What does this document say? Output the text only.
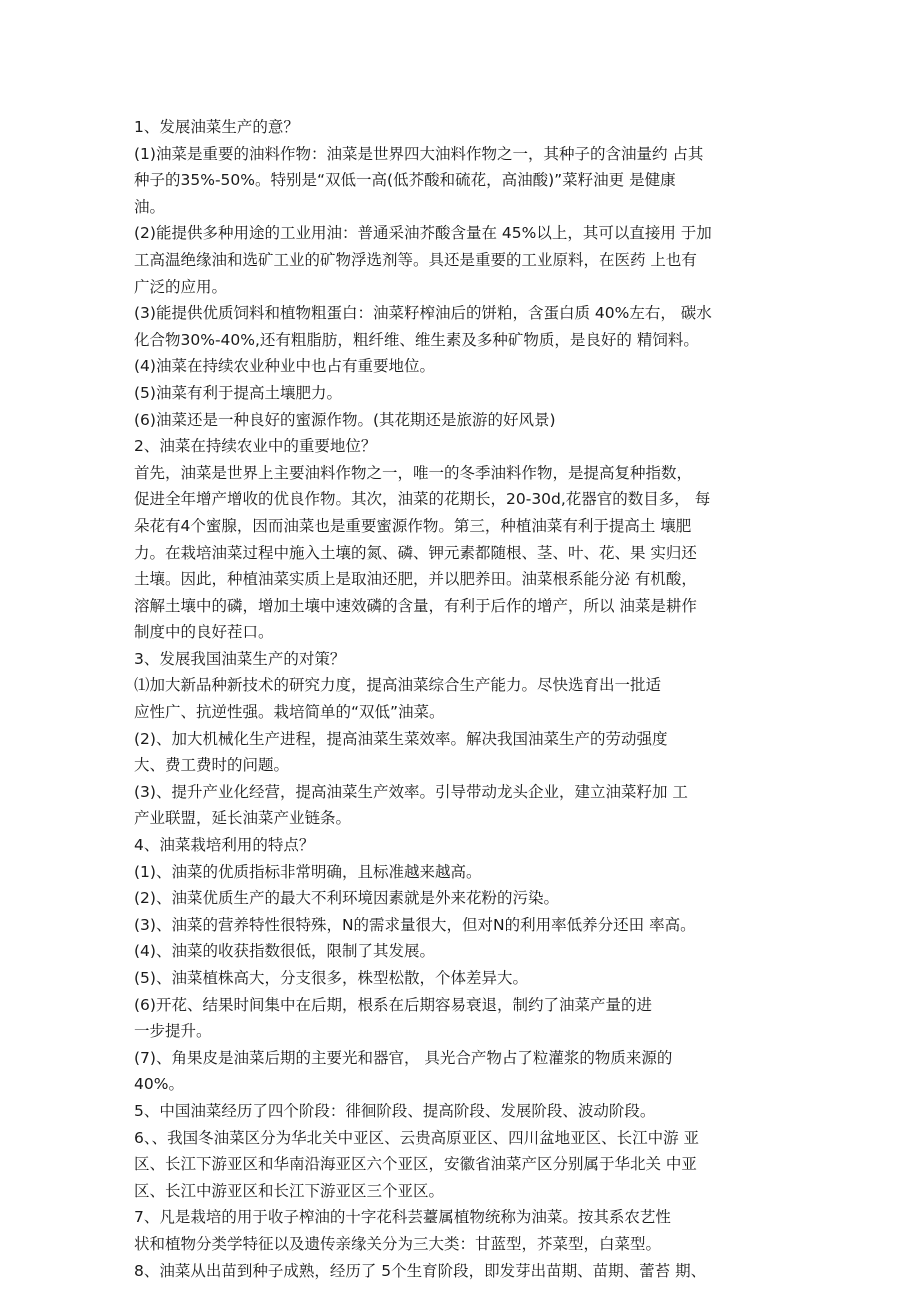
1、发展油菜生产的意？
(1)油菜是重要的油料作物：油菜是世界四大油料作物之一，其种子的含油量约 占其
种子的35%-50%。特别是“双低一高(低芥酸和硫花，高油酸)”菜籽油更 是健康
油。
(2)能提供多种用途的工业用油：普通采油芥酸含量在 45%以上，其可以直接用 于加
工高温绝缘油和选矿工业的矿物浮选剂等。具还是重要的工业原料，在医药 上也有
广泛的应用。
(3)能提供优质饲料和植物粗蛋白：油菜籽榨油后的饼粕，含蛋白质 40%左右， 碳水
化合物30%-40%,还有粗脂肪，粗纤维、维生素及多种矿物质，是良好的 精饲料。
(4)油菜在持续农业种业中也占有重要地位。
(5)油菜有利于提高土壤肥力。
(6)油菜还是一种良好的蜜源作物。(其花期还是旅游的好风景)
2、油菜在持续农业中的重要地位？
首先，油菜是世界上主要油料作物之一，唯一的冬季油料作物，是提高复种指数，
促进全年增产增收的优良作物。其次，油菜的花期长，20-30d,花器官的数目多， 每
朵花有4个蜜腺，因而油菜也是重要蜜源作物。第三，种植油菜有利于提高土 壤肥
力。在栽培油菜过程中施入土壤的氮、磷、钾元素都随根、茎、叶、花、果 实归还
土壤。因此，种植油菜实质上是取油还肥，并以肥养田。油菜根系能分泌 有机酸，
溶解土壤中的磷，增加土壤中速效磷的含量，有利于后作的增产，所以 油菜是耕作
制度中的良好茬口。
3、发展我国油菜生产的对策？
⑴加大新品种新技术的研究力度，提高油菜综合生产能力。尽快选育出一批适
应性广、抗逆性强。栽培简单的“双低”油菜。
(2)、加大机械化生产进程，提高油菜生菜效率。解决我国油菜生产的劳动强度
大、费工费时的问题。
(3)、提升产业化经营，提高油菜生产效率。引导带动龙头企业，建立油菜籽加 工
产业联盟，延长油菜产业链条。
4、油菜栽培利用的特点？
(1)、油菜的优质指标非常明确，且标准越来越高。
(2)、油菜优质生产的最大不利环境因素就是外来花粉的污染。
(3)、油菜的营养特性很特殊，N的需求量很大，但对N的利用率低养分还田 率高。
(4)、油菜的收获指数很低，限制了其发展。
(5)、油菜植株高大，分支很多，株型松散，个体差异大。
(6)开花、结果时间集中在后期，根系在后期容易衰退，制约了油菜产量的进
一步提升。
(7)、角果皮是油菜后期的主要光和器官， 具光合产物占了粒灌浆的物质来源的
40%。
5、中国油菜经历了四个阶段：徘徊阶段、提高阶段、发展阶段、波动阶段。
6、、我国冬油菜区分为华北关中亚区、云贵高原亚区、四川盆地亚区、长江中游 亚
区、长江下游亚区和华南沿海亚区六个亚区，安徽省油菜产区分别属于华北关 中亚
区、长江中游亚区和长江下游亚区三个亚区。
7、凡是栽培的用于收子榨油的十字花科芸薹属植物统称为油菜。按其系农艺性
状和植物分类学特征以及遗传亲缘关分为三大类：甘蓝型，芥菜型，白菜型。
8、油菜从出苗到种子成熟，经历了 5个生育阶段，即发芽出苗期、苗期、蕾苔 期、
